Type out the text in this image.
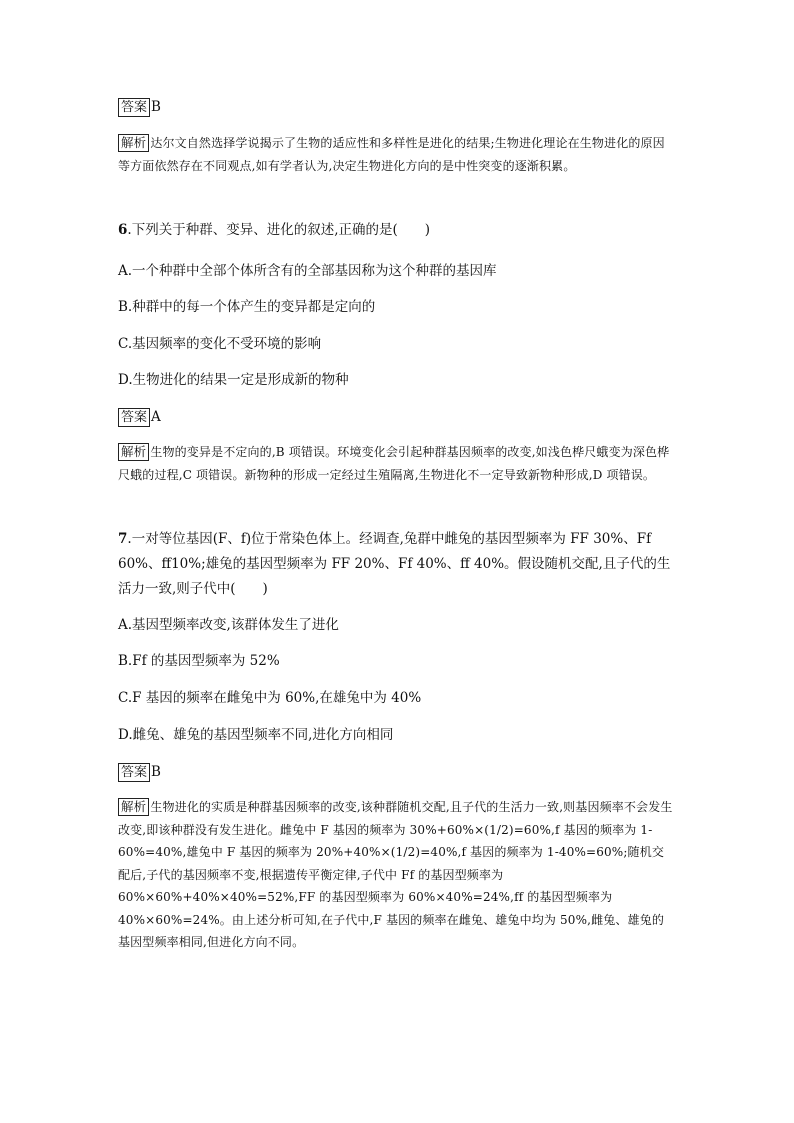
答案 B
解析 达尔文自然选择学说揭示了生物的适应性和多样性是进化的结果;生物进化理论在生物进化的原因等方面依然存在不同观点,如有学者认为,决定生物进化方向的是中性突变的逐渐积累。
6.下列关于种群、变异、进化的叙述,正确的是(　　)
A.一个种群中全部个体所含有的全部基因称为这个种群的基因库
B.种群中的每一个体产生的变异都是定向的
C.基因频率的变化不受环境的影响
D.生物进化的结果一定是形成新的物种
答案 A
解析 生物的变异是不定向的,B 项错误。环境变化会引起种群基因频率的改变,如浅色桦尺蛾变为深色桦尺蛾的过程,C 项错误。新物种的形成一定经过生殖隔离,生物进化不一定导致新物种形成,D 项错误。
7.一对等位基因(F、f)位于常染色体上。经调查,兔群中雌兔的基因型频率为 FF 30%、Ff 60%、ff10%;雄兔的基因型频率为 FF 20%、Ff 40%、ff 40%。假设随机交配,且子代的生活力一致,则子代中(　　)
A.基因型频率改变,该群体发生了进化
B.Ff 的基因型频率为 52%
C.F 基因的频率在雌兔中为 60%,在雄兔中为 40%
D.雌兔、雄兔的基因型频率不同,进化方向相同
答案 B
解析 生物进化的实质是种群基因频率的改变,该种群随机交配,且子代的生活力一致,则基因频率不会发生改变,即该种群没有发生进化。雌兔中 F 基因的频率为 30%+60%×(1/2)=60%,f 基因的频率为 1-60%=40%,雄兔中 F 基因的频率为 20%+40%×(1/2)=40%,f 基因的频率为 1-40%=60%;随机交配后,子代的基因频率不变,根据遗传平衡定律,子代中 Ff 的基因型频率为 60%×60%+40%×40%=52%,FF 的基因型频率为 60%×40%=24%,ff 的基因型频率为 40%×60%=24%。由上述分析可知,在子代中,F 基因的频率在雌兔、雄兔中均为 50%,雌兔、雄兔的基因型频率相同,但进化方向不同。
